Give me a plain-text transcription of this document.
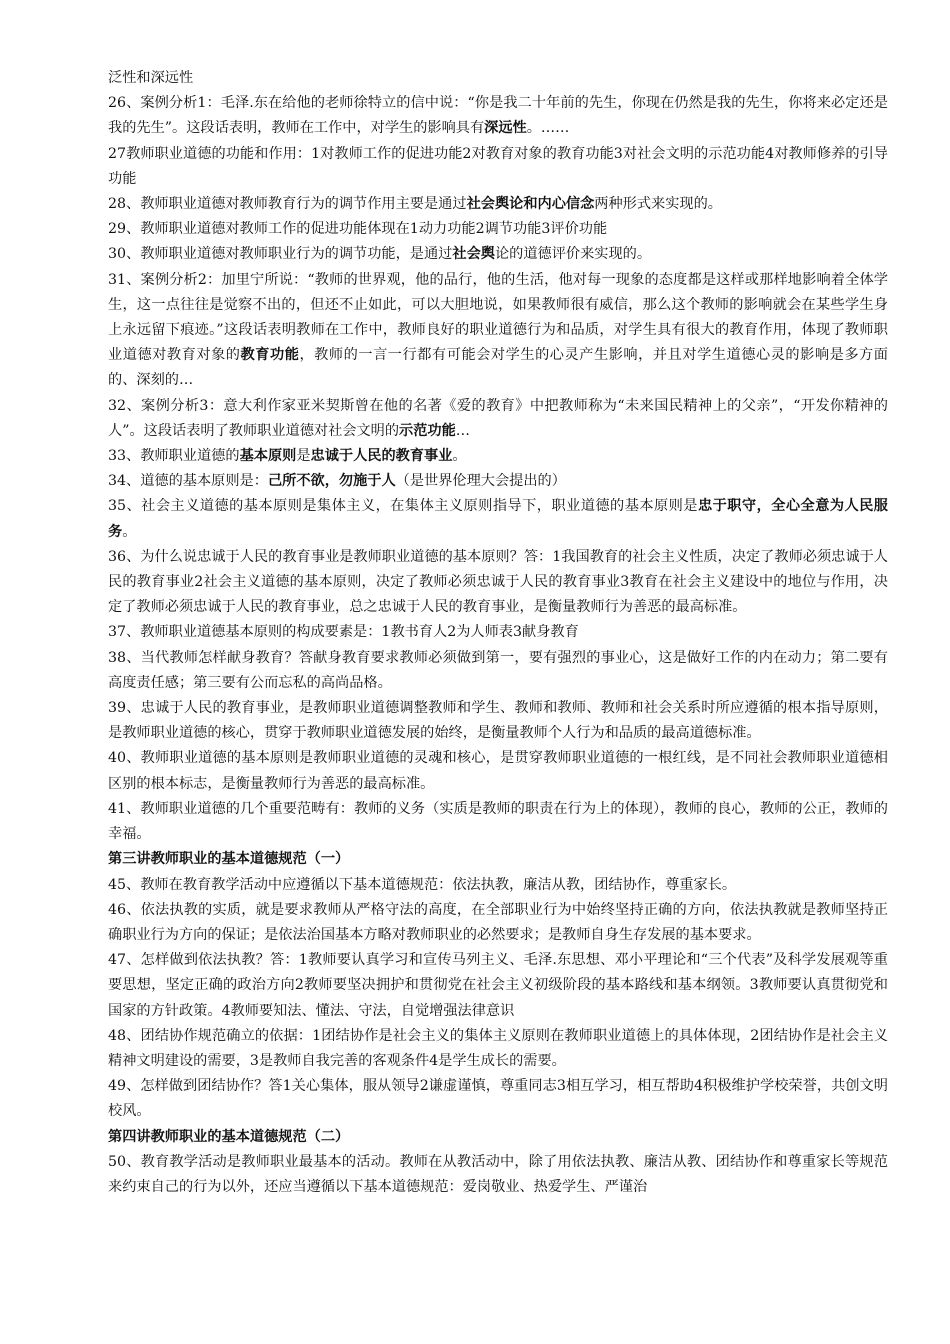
泛性和深远性

26、案例分析1：毛泽.东在给他的老师徐特立的信中说：“你是我二十年前的先生，你现在仍然是我的先生，你将来必定还是我的先生”。这段话表明，教师在工作中，对学生的影响具有深远性。……

27教师职业道德的功能和作用：1对教师工作的促进功能2对教育对象的教育功能3对社会文明的示范功能4对教师修养的引导功能

28、教师职业道德对教师教育行为的调节作用主要是通过社会舆论和内心信念两种形式来实现的。

29、教师职业道德对教师工作的促进功能体现在1动力功能2调节功能3评价功能

30、教师职业道德对教师职业行为的调节功能，是通过社会舆论的道德评价来实现的。

31、案例分析2：加里宁所说：“教师的世界观，他的品行，他的生活，他对每一现象的态度都是这样或那样地影响着全体学生，这一点往往是觉察不出的，但还不止如此，可以大胆地说，如果教师很有威信，那么这个教师的影响就会在某些学生身上永远留下痕迹。”这段话表明教师在工作中，教师良好的职业道德行为和品质，对学生具有很大的教育作用，体现了教师职业道德对教育对象的教育功能，教师的一言一行都有可能会对学生的心灵产生影响，并且对学生道德心灵的影响是多方面的、深刻的…

32、案例分析3：意大利作家亚米契斯曾在他的名著《爱的教育》中把教师称为“未来国民精神上的父亲”，“开发你精神的人”。这段话表明了教师职业道德对社会文明的示范功能…

33、教师职业道德的基本原则是忠诚于人民的教育事业。

34、道德的基本原则是：己所不欲，勿施于人（是世界伦理大会提出的）

35、社会主义道德的基本原则是集体主义，在集体主义原则指导下，职业道德的基本原则是忠于职守，全心全意为人民服务。

36、为什么说忠诚于人民的教育事业是教师职业道德的基本原则？答：1我国教育的社会主义性质，决定了教师必须忠诚于人民的教育事业2社会主义道德的基本原则，决定了教师必须忠诚于人民的教育事业3教育在社会主义建设中的地位与作用，决定了教师必须忠诚于人民的教育事业，总之忠诚于人民的教育事业，是衡量教师行为善恶的最高标准。

37、教师职业道德基本原则的构成要素是：1教书育人2为人师表3献身教育

38、当代教师怎样献身教育？答献身教育要求教师必须做到第一，要有强烈的事业心，这是做好工作的内在动力；第二要有高度责任感；第三要有公而忘私的高尚品格。

39、忠诚于人民的教育事业，是教师职业道德调整教师和学生、教师和教师、教师和社会关系时所应遵循的根本指导原则，是教师职业道德的核心，贯穿于教师职业道德发展的始终，是衡量教师个人行为和品质的最高道德标准。

40、教师职业道德的基本原则是教师职业道德的灵魂和核心，是贯穿教师职业道德的一根红线，是不同社会教师职业道德相区别的根本标志，是衡量教师行为善恶的最高标准。

41、教师职业道德的几个重要范畴有：教师的义务（实质是教师的职责在行为上的体现），教师的良心，教师的公正，教师的幸福。

第三讲教师职业的基本道德规范（一）

45、教师在教育教学活动中应遵循以下基本道德规范：依法执教，廉洁从教，团结协作，尊重家长。

46、依法执教的实质，就是要求教师从严格守法的高度，在全部职业行为中始终坚持正确的方向，依法执教就是教师坚持正确职业行为方向的保证；是依法治国基本方略对教师职业的必然要求；是教师自身生存发展的基本要求。

47、怎样做到依法执教？答：1教师要认真学习和宣传马列主义、毛泽.东思想、邓小平理论和“三个代表”及科学发展观等重要思想，坚定正确的政治方向2教师要坚决拥护和贯彻党在社会主义初级阶段的基本路线和基本纲领。3教师要认真贯彻党和国家的方针政策。4教师要知法、懂法、守法，自觉增强法律意识

48、团结协作规范确立的依据：1团结协作是社会主义的集体主义原则在教师职业道德上的具体体现，2团结协作是社会主义精神文明建设的需要，3是教师自我完善的客观条件4是学生成长的需要。

49、怎样做到团结协作？答1关心集体，服从领导2谦虚谨慎，尊重同志3相互学习，相互帮助4积极维护学校荣誉，共创文明校风。

第四讲教师职业的基本道德规范（二）

50、教育教学活动是教师职业最基本的活动。教师在从教活动中，除了用依法执教、廉洁从教、团结协作和尊重家长等规范来约束自己的行为以外，还应当遵循以下基本道德规范：爱岗敬业、热爱学生、严谨治
